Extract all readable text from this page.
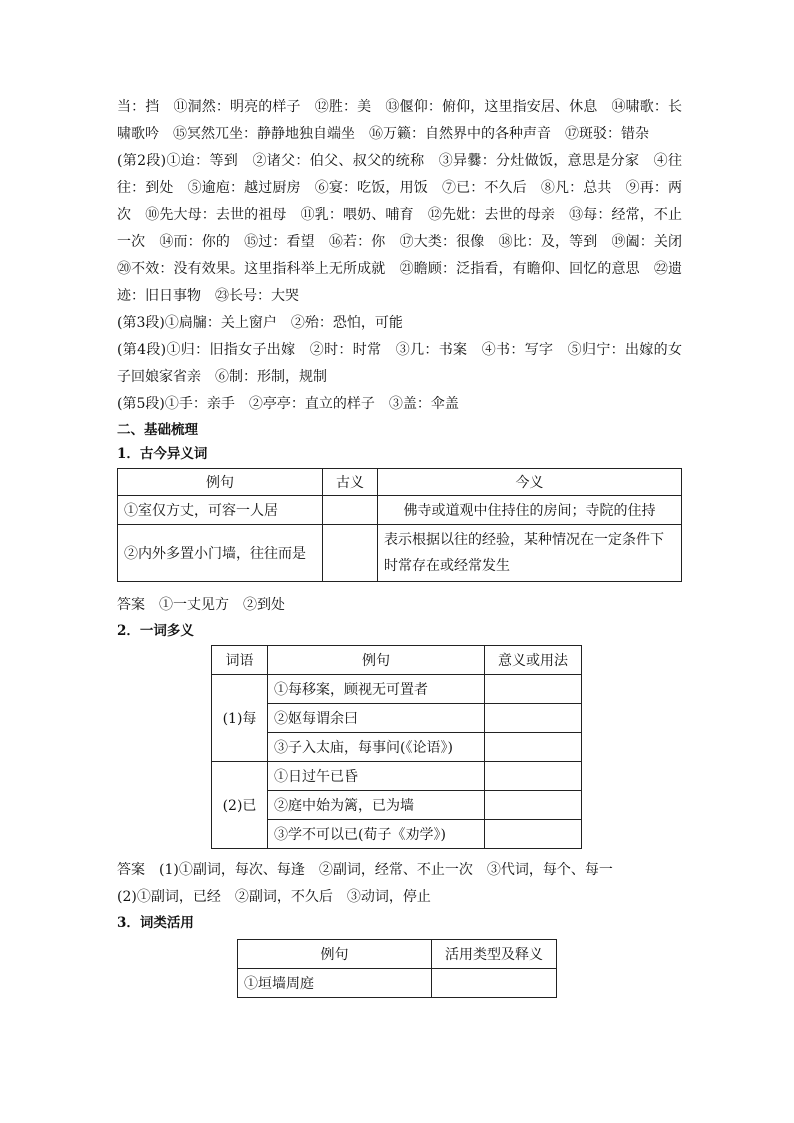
当：挡　⑪洞然：明亮的样子　⑫胜：美　⑬偃仰：俯仰，这里指安居、休息　⑭啸歌：长啸歌吟　⑮冥然兀坐：静静地独自端坐　⑯万籁：自然界中的各种声音　⑰斑驳：错杂

(第2段)①迨：等到　②诸父：伯父、叔父的统称　③异爨：分灶做饭，意思是分家　④往往：到处　⑤逾庖：越过厨房　⑥宴：吃饭，用饭　⑦已：不久后　⑧凡：总共　⑨再：两次　⑩先大母：去世的祖母　⑪乳：喂奶、哺育　⑫先妣：去世的母亲　⑬每：经常，不止一次　⑭而：你的　⑮过：看望　⑯若：你　⑰大类：很像　⑱比：及，等到　⑲阖：关闭　⑳不效：没有效果。这里指科举上无所成就　㉑瞻顾：泛指看，有瞻仰、回忆的意思　㉒遗迹：旧日事物　㉓长号：大哭

(第3段)①扃牖：关上窗户　②殆：恐怕，可能

(第4段)①归：旧指女子出嫁　②时：时常　③几：书案　④书：写字　⑤归宁：出嫁的女子回娘家省亲　⑥制：形制，规制

(第5段)①手：亲手　②亭亭：直立的样子　③盖：伞盖

二、基础梳理

1．古今异义词

例句	古义	今义
①室仅方丈，可容一人居		佛寺或道观中住持住的房间；寺院的住持
②内外多置小门墙，往往而是		表示根据以往的经验，某种情况在一定条件下时常存在或经常发生

答案　①一丈见方　②到处

2．一词多义

词语	例句	意义或用法
(1)每	①每移案，顾视无可置者	
	②妪每谓余曰	
	③子入太庙，每事问(《论语》)	
(2)已	①日过午已昏	
	②庭中始为篱，已为墙	
	③学不可以已(荀子《劝学》)	

答案　(1)①副词，每次、每逢　②副词，经常、不止一次　③代词，每个、每一

(2)①副词，已经　②副词，不久后　③动词，停止

3．词类活用

例句	活用类型及释义
①垣墙周庭	
